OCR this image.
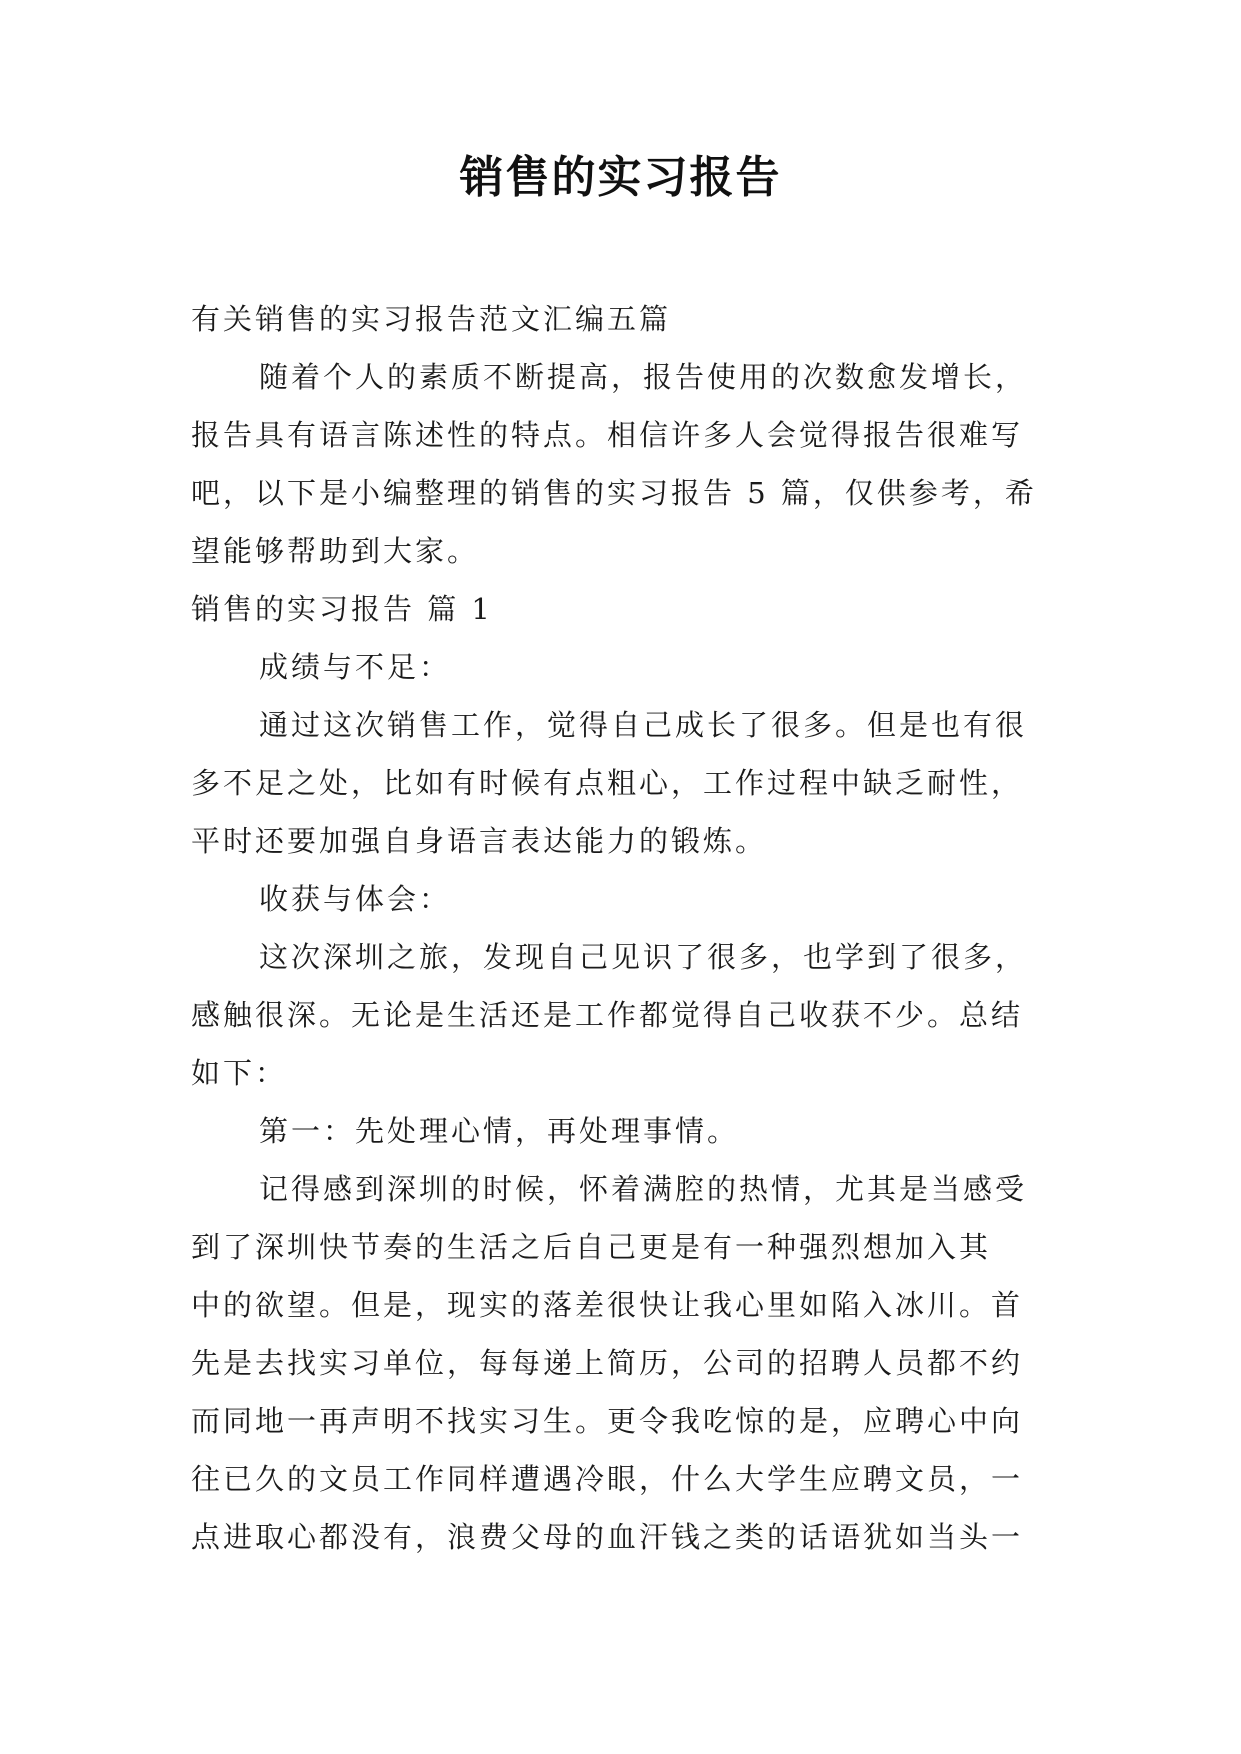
销售的实习报告

有关销售的实习报告范文汇编五篇

随着个人的素质不断提高，报告使用的次数愈发增长，

报告具有语言陈述性的特点。相信许多人会觉得报告很难写

吧，以下是小编整理的销售的实习报告 5 篇，仅供参考，希

望能够帮助到大家。

销售的实习报告 篇 1

成绩与不足：

通过这次销售工作，觉得自己成长了很多。但是也有很

多不足之处，比如有时候有点粗心，工作过程中缺乏耐性，

平时还要加强自身语言表达能力的锻炼。

收获与体会：

这次深圳之旅，发现自己见识了很多，也学到了很多，

感触很深。无论是生活还是工作都觉得自己收获不少。总结

如下：

第一：先处理心情，再处理事情。

记得感到深圳的时候，怀着满腔的热情，尤其是当感受

到了深圳快节奏的生活之后自己更是有一种强烈想加入其

中的欲望。但是，现实的落差很快让我心里如陷入冰川。首

先是去找实习单位，每每递上简历，公司的招聘人员都不约

而同地一再声明不找实习生。更令我吃惊的是，应聘心中向

往已久的文员工作同样遭遇冷眼，什么大学生应聘文员，一

点进取心都没有，浪费父母的血汗钱之类的话语犹如当头一
